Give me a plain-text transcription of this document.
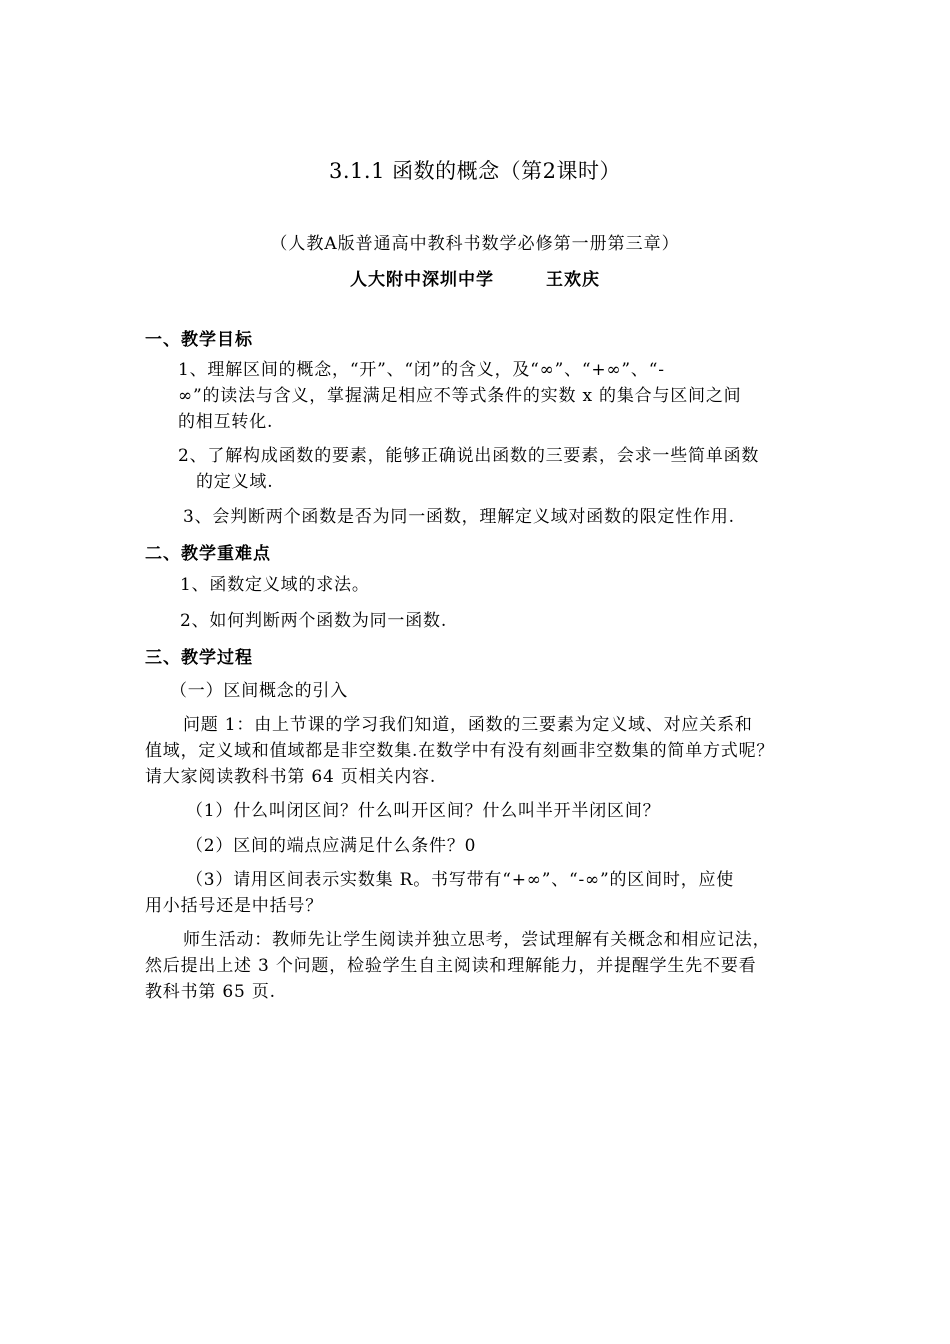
3.1.1 函数的概念（第2课时）
（人教A版普通高中教科书数学必修第一册第三章）
人大附中深圳中学	王欢庆
一、教学目标
1、理解区间的概念，“开”、“闭”的含义，及“∞”、“+∞”、“-
∞”的读法与含义，掌握满足相应不等式条件的实数 x 的集合与区间之间
的相互转化.
2、了解构成函数的要素，能够正确说出函数的三要素，会求一些简单函数
的定义域.
3、会判断两个函数是否为同一函数，理解定义域对函数的限定性作用.
二、教学重难点
1、函数定义域的求法。
2、如何判断两个函数为同一函数.
三、教学过程
（一）区间概念的引入
问题 1：由上节课的学习我们知道，函数的三要素为定义域、对应关系和
值域，定义域和值域都是非空数集.在数学中有没有刻画非空数集的简单方式呢？
请大家阅读教科书第 64 页相关内容.
（1）什么叫闭区间？什么叫开区间？什么叫半开半闭区间？
（2）区间的端点应满足什么条件？0
（3）请用区间表示实数集 R。书写带有“+∞”、“-∞”的区间时，应使
用小括号还是中括号？
师生活动：教师先让学生阅读并独立思考，尝试理解有关概念和相应记法，
然后提出上述 3 个问题，检验学生自主阅读和理解能力，并提醒学生先不要看
教科书第 65 页.
